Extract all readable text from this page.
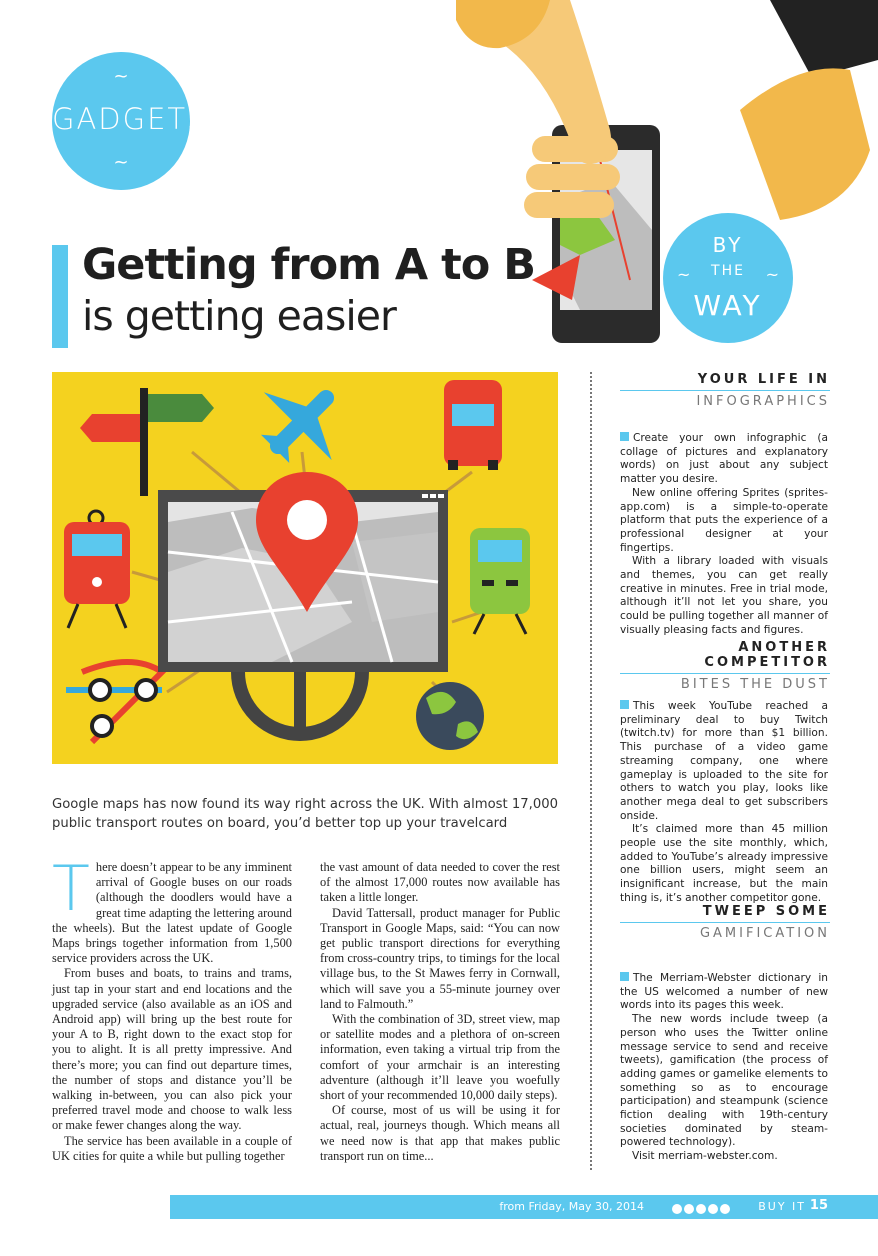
~
GADGETS
~
BY
~	THE	~
WAY
Getting from A to B
is getting easier
Google maps has now found its way right across the UK. With almost 17,000 public transport routes on board, you’d better top up your travelcard

There doesn’t appear to be any imminent arrival of Google buses on our roads (although the doodlers would have a great time adapting the lettering around the wheels). But the latest update of Google Maps brings together information from 1,500 service providers across the UK.

From buses and boats, to trains and trams, just tap in your start and end locations and the upgraded service (also available as an iOS and Android app) will bring up the best route for your A to B, right down to the exact stop for you to alight. It is all pretty impressive. And there’s more; you can find out departure times, the number of stops and distance you’ll be walking in-between, you can also pick your preferred travel mode and choose to walk less or make fewer changes along the way.

The service has been available in a couple of UK cities for quite a while but pulling together

the vast amount of data needed to cover the rest of the almost 17,000 routes now available has taken a little longer.

David Tattersall, product manager for Public Transport in Google Maps, said: “You can now get public transport directions for everything from cross-country trips, to timings for the local village bus, to the St Mawes ferry in Cornwall, which will save you a 55-minute journey over land to Falmouth.”

With the combination of 3D, street view, map or satellite modes and a plethora of on-screen information, even taking a virtual trip from the comfort of your armchair is an interesting adventure (although it’ll leave you woefully short of your recommended 10,000 daily steps).

Of course, most of us will be using it for actual, real, journeys though. Which means all we need now is that app that makes public transport run on time...

YOUR LIFE IN
INFOGRAPHICS

Create your own infographic (a collage of pictures and explanatory words) on just about any subject matter you desire.

New online offering Sprites (sprites-app.com) is a simple-to-operate platform that puts the experience of a professional designer at your fingertips.

With a library loaded with visuals and themes, you can get really creative in minutes. Free in trial mode, although it’ll not let you share, you could be pulling together all manner of visually pleasing facts and figures.

ANOTHER COMPETITOR
BITES THE DUST

This week YouTube reached a preliminary deal to buy Twitch (twitch.tv) for more than $1 billion. This purchase of a video game streaming company, one where gameplay is uploaded to the site for others to watch you play, looks like another mega deal to get subscribers onside.

It’s claimed more than 45 million people use the site monthly, which, added to YouTube’s already impressive one billion users, might seem an insignificant increase, but the main thing is, it’s another competitor gone.

TWEEP SOME
GAMIFICATION

The Merriam-Webster dictionary in the US welcomed a number of new words into its pages this week.

The new words include tweep (a person who uses the Twitter online message service to send and receive tweets), gamification (the process of adding games or gamelike elements to something so as to encourage participation) and steampunk (science fiction dealing with 19th-century societies dominated by steam-powered technology).

Visit merriam-webster.com.

from Friday, May 30, 2014	BUY IT 15
